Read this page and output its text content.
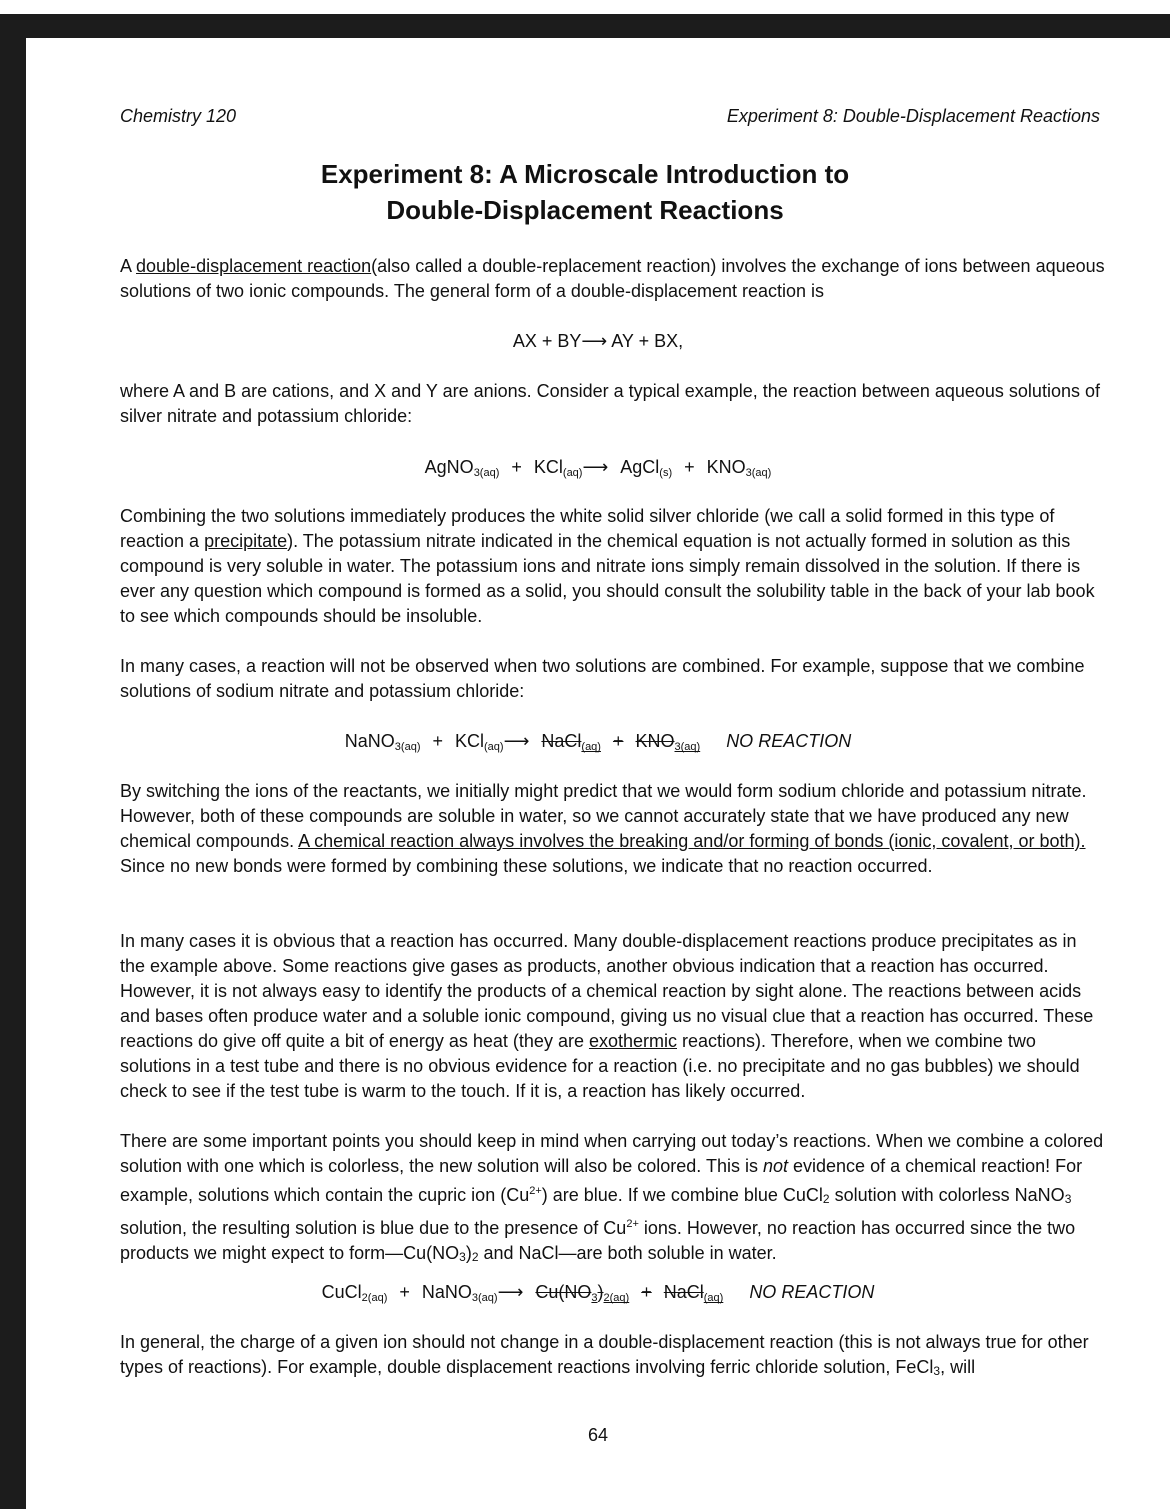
Chemistry 120	Experiment 8: Double-Displacement Reactions
Experiment 8: A Microscale Introduction to
Double-Displacement Reactions

A double-displacement reaction(also called a double-replacement reaction) involves the exchange of ions between aqueous solutions of two ionic compounds. The general form of a double-displacement reaction is

AX + BY⟶ AY + BX,

where A and B are cations, and X and Y are anions. Consider a typical example, the reaction between aqueous solutions of silver nitrate and potassium chloride:

AgNO$_{3(aq)}$ + KCl$_{(aq)}$⟶ AgCl$_{(s)}$ + $KNO_{3(aq)}$

Combining the two solutions immediately produces the white solid silver chloride (we call a solid formed in this type of reaction a precipitate). The potassium nitrate indicated in the chemical equation is not actually formed in solution as this compound is very soluble in water. The potassium ions and nitrate ions simply remain dissolved in the solution. If there is ever any question which compound is formed as a solid, you should consult the solubility table in the back of your lab book to see which compounds should be insoluble.

In many cases, a reaction will not be observed when two solutions are combined. For example, suppose that we combine solutions of sodium nitrate and potassium chloride:

NaNO$_{3(aq)}$ + KCl$_{(aq)}$⟶ NaCl$_{(aq)}$ + $KNO_{3(aq)}$ NO REACTION

By switching the ions of the reactants, we initially might predict that we would form sodium chloride and potassium nitrate. However, both of these compounds are soluble in water, so we cannot accurately state that we have produced any new chemical compounds. A chemical reaction always involves the breaking and/or forming of bonds (ionic, covalent, or both). Since no new bonds were formed by combining these solutions, we indicate that no reaction occurred.

In many cases it is obvious that a reaction has occurred. Many double-displacement reactions produce precipitates as in the example above. Some reactions give gases as products, another obvious indication that a reaction has occurred. However, it is not always easy to identify the products of a chemical reaction by sight alone. The reactions between acids and bases often produce water and a soluble ionic compound, giving us no visual clue that a reaction has occurred. These reactions do give off quite a bit of energy as heat (they are exothermic reactions). Therefore, when we combine two solutions in a test tube and there is no obvious evidence for a reaction (i.e. no precipitate and no gas bubbles) we should check to see if the test tube is warm to the touch. If it is, a reaction has likely occurred.

There are some important points you should keep in mind when carrying out today’s reactions. When we combine a colored solution with one which is colorless, the new solution will also be colored. This is not evidence of a chemical reaction! For example, solutions which contain the cupric ion $(Cu^{2+})$ are blue. If we combine blue CuCl$_2$ solution with colorless NaNO$_3$ solution, the resulting solution is blue due to the presence of $Cu^{2+}$ ions. However, no reaction has occurred since the two products we might expect to $form—Cu(NO_3)_2$ and NaCl—are both soluble in water.

CuCl$_{2(aq)}$ + NaNO$_{3(aq)}$⟶ $Cu(NO_3)_{2(aq)}$ + NaCl$_{(aq)}$ NO REACTION

In general, the charge of a given ion should not change in a double-displacement reaction (this is not always true for other types of reactions). For example, double displacement reactions involving ferric chloride solution, FeCl$_3$, will

64
